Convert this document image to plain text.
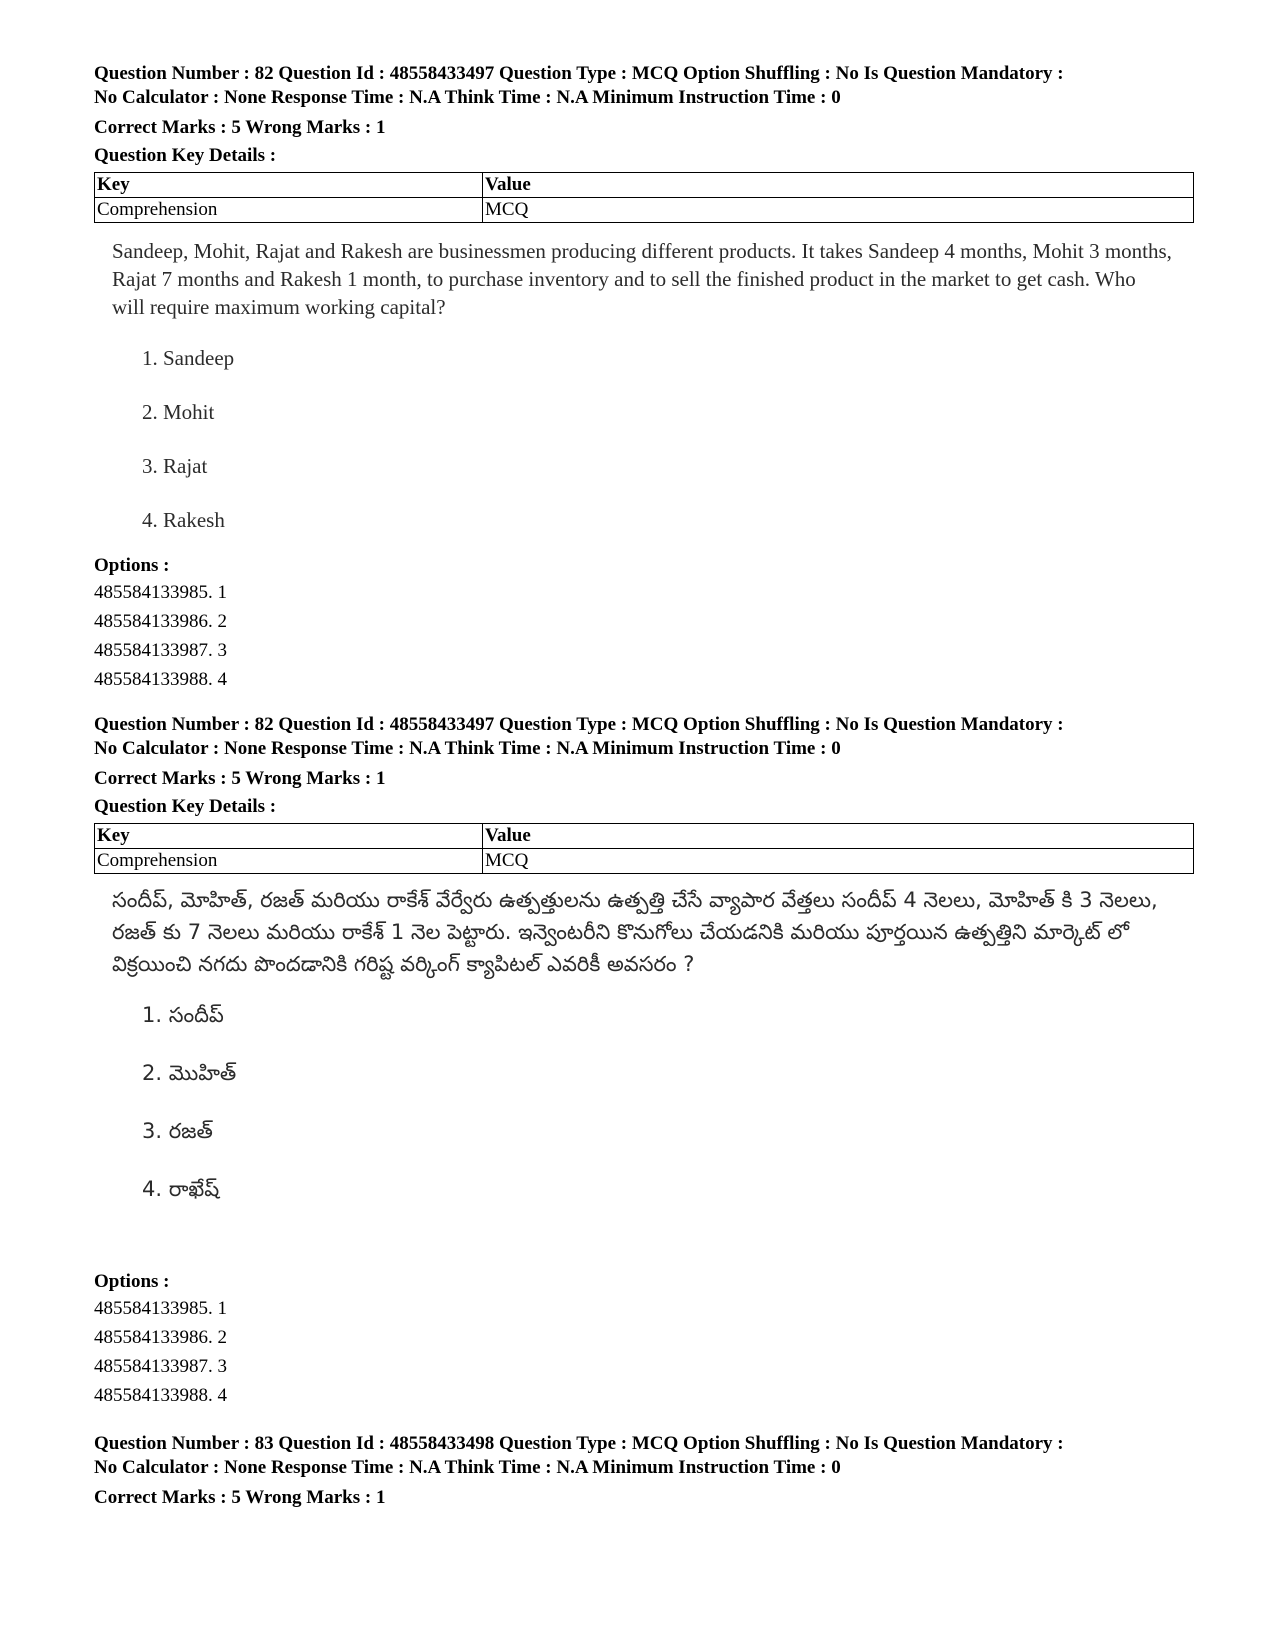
Question Number : 82 Question Id : 48558433497 Question Type : MCQ Option Shuffling : No Is Question Mandatory :

No Calculator : None Response Time : N.A Think Time : N.A Minimum Instruction Time : 0

Correct Marks : 5 Wrong Marks : 1

Question Key Details :

Key	Value
Comprehension	MCQ

Sandeep, Mohit, Rajat and Rakesh are businessmen producing different products. It takes Sandeep 4 months, Mohit 3 months, Rajat 7 months and Rakesh 1 month, to purchase inventory and to sell the finished product in the market to get cash. Who will require maximum working capital?

1. Sandeep
2. Mohit
3. Rajat
4. Rakesh

Options :

485584133985. 1

485584133986. 2

485584133987. 3

485584133988. 4

Question Number : 82 Question Id : 48558433497 Question Type : MCQ Option Shuffling : No Is Question Mandatory :

No Calculator : None Response Time : N.A Think Time : N.A Minimum Instruction Time : 0

Correct Marks : 5 Wrong Marks : 1

Question Key Details :

Key	Value
Comprehension	MCQ

సందీప్, మోహిత్, రజత్ మరియు రాకేశ్ వేర్వేరు ఉత్పత్తులను ఉత్పత్తి చేసే వ్యాపార వేత్తలు సందీప్ 4 నెలలు, మోహిత్ కి 3 నెలలు, రజత్ కు 7 నెలలు మరియు రాకేశ్ 1 నెల పెట్టారు. ఇన్వెంటరీని కొనుగోలు చేయడనికి మరియు పూర్తయిన ఉత్పత్తిని మార్కెట్ లో విక్రయించి నగదు పొందడానికి గరిష్ట వర్కింగ్ క్యాపిటల్ ఎవరికీ అవసరం ?

1. సందీప్
2. మొహిత్
3. రజత్
4. రాఖేష్

Options :

485584133985. 1

485584133986. 2

485584133987. 3

485584133988. 4

Question Number : 83 Question Id : 48558433498 Question Type : MCQ Option Shuffling : No Is Question Mandatory :

No Calculator : None Response Time : N.A Think Time : N.A Minimum Instruction Time : 0

Correct Marks : 5 Wrong Marks : 1
